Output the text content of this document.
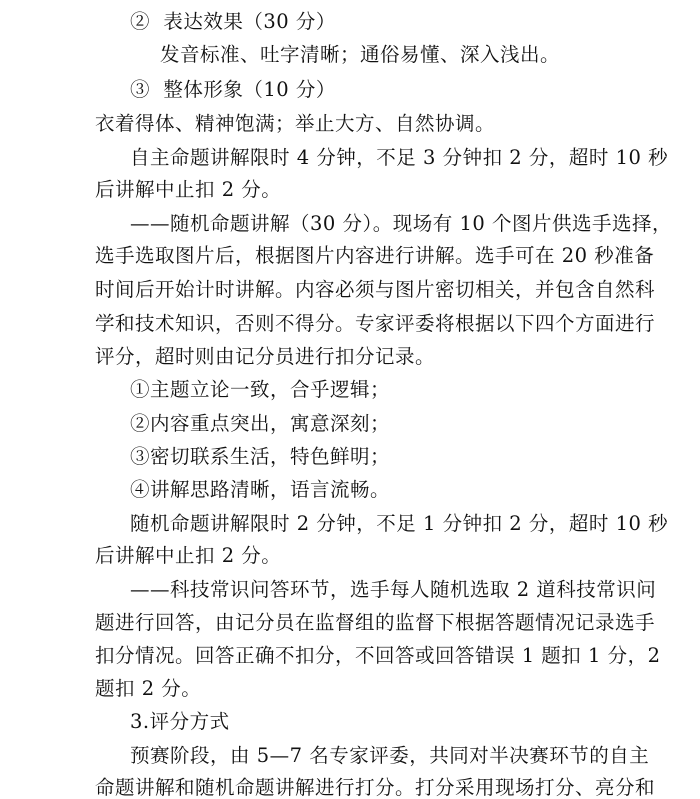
②  表达效果（30 分）
发音标准、吐字清晰；通俗易懂、深入浅出。
③  整体形象（10 分）
衣着得体、精神饱满；举止大方、自然协调。
自主命题讲解限时 4 分钟，不足 3 分钟扣 2 分，超时 10 秒
后讲解中止扣 2 分。
——随机命题讲解（30 分）。现场有 10 个图片供选手选择，
选手选取图片后，根据图片内容进行讲解。选手可在 20 秒准备
时间后开始计时讲解。内容必须与图片密切相关，并包含自然科
学和技术知识，否则不得分。专家评委将根据以下四个方面进行
评分，超时则由记分员进行扣分记录。
①主题立论一致，合乎逻辑；
②内容重点突出，寓意深刻；
③密切联系生活，特色鲜明；
④讲解思路清晰，语言流畅。
随机命题讲解限时 2 分钟，不足 1 分钟扣 2 分，超时 10 秒
后讲解中止扣 2 分。
——科技常识问答环节，选手每人随机选取 2 道科技常识问
题进行回答，由记分员在监督组的监督下根据答题情况记录选手
扣分情况。回答正确不扣分，不回答或回答错误 1 题扣 1 分，2
题扣 2 分。
3.评分方式
预赛阶段，由 5—7 名专家评委，共同对半决赛环节的自主
命题讲解和随机命题讲解进行打分。打分采用现场打分、亮分和
